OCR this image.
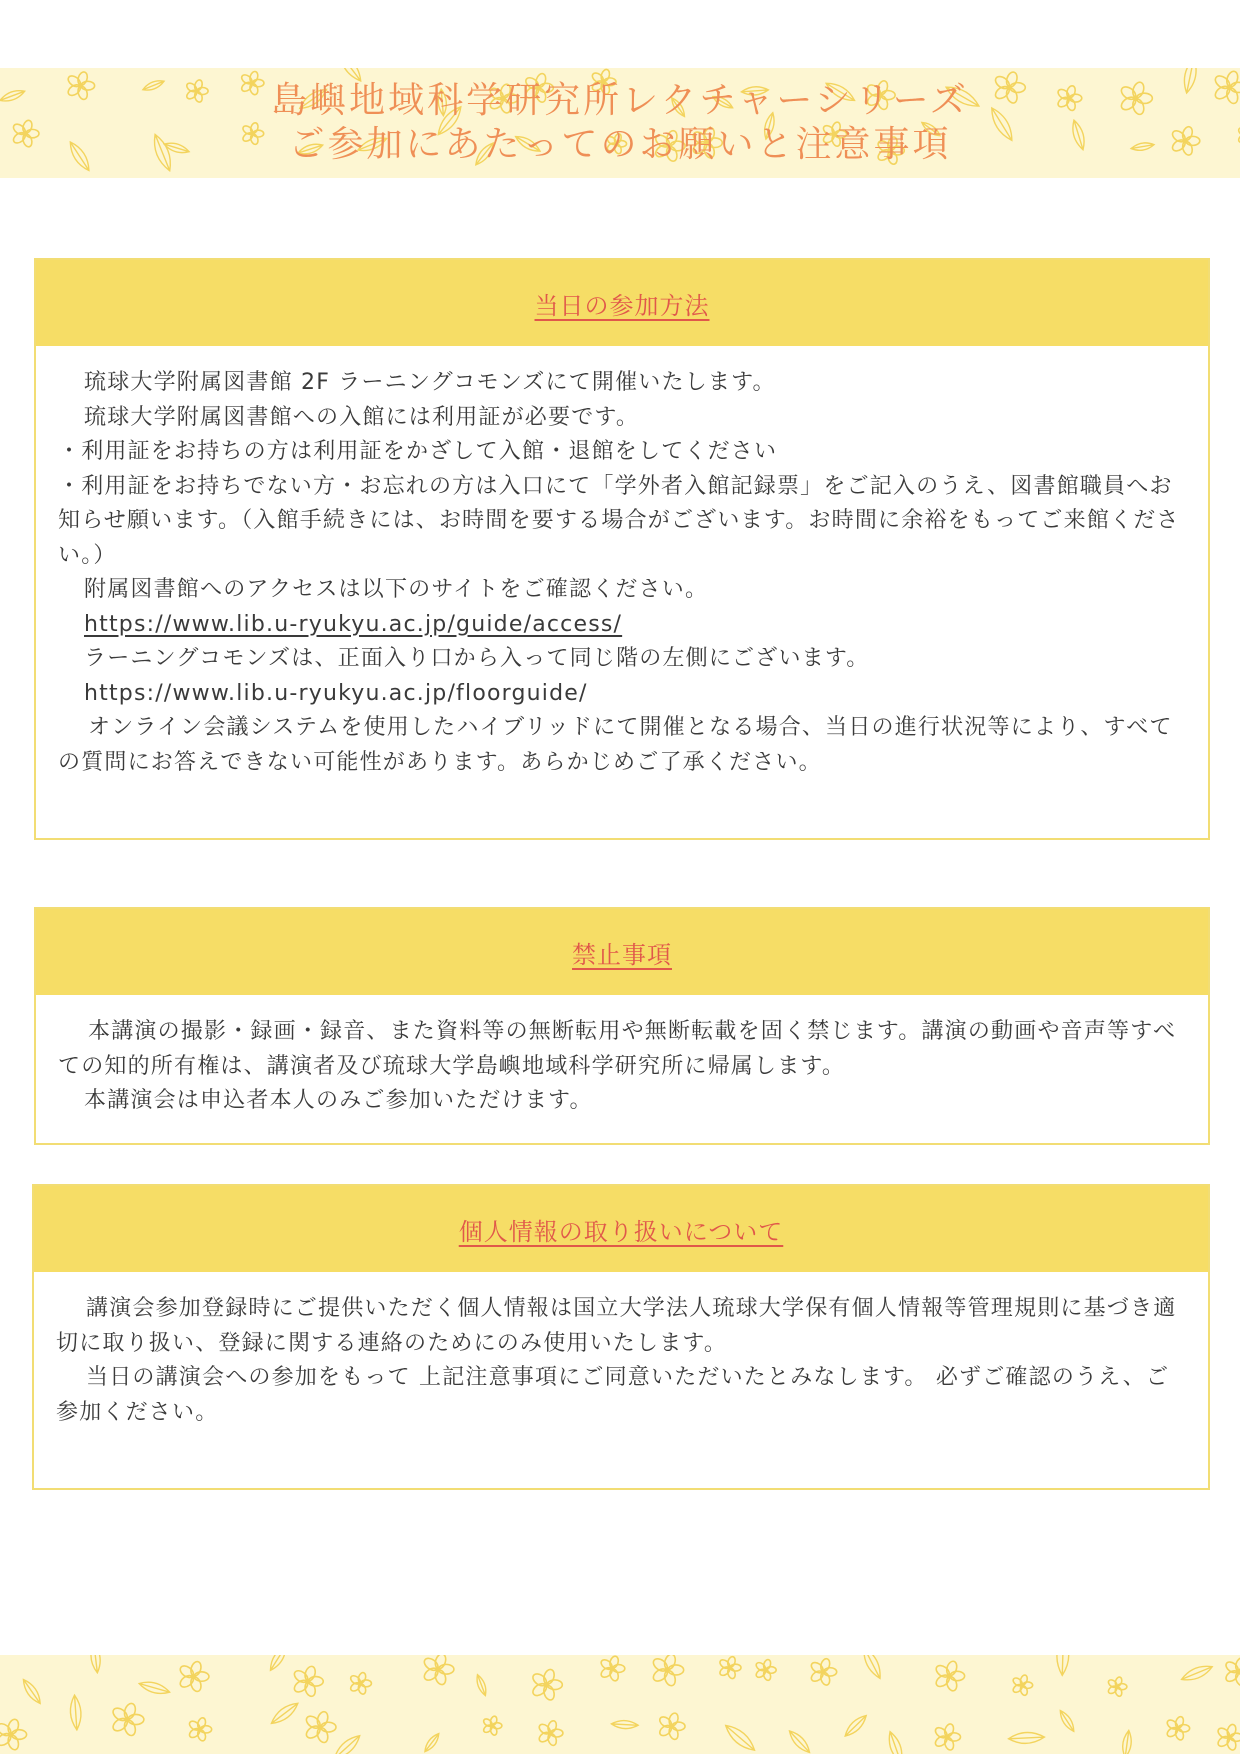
島嶼地域科学研究所レクチャーシリーズ
ご参加にあたってのお願いと注意事項
当日の参加方法
琉球大学附属図書館 2F ラーニングコモンズにて開催いたします。
琉球大学附属図書館への入館には利用証が必要です。
・利用証をお持ちの方は利用証をかざして入館・退館をしてください
・利用証をお持ちでない方・お忘れの方は入口にて「学外者入館記録票」をご記入のうえ、図書館職員へお知らせ願います。（入館手続きには、お時間を要する場合がございます。お時間に余裕をもってご来館ください。）
附属図書館へのアクセスは以下のサイトをご確認ください。
https://www.lib.u-ryukyu.ac.jp/guide/access/
ラーニングコモンズは、正面入り口から入って同じ階の左側にございます。
https://www.lib.u-ryukyu.ac.jp/floorguide/
オンライン会議システムを使用したハイブリッドにて開催となる場合、当日の進行状況等により、すべての質問にお答えできない可能性があります。あらかじめご了承ください。
禁止事項
本講演の撮影・録画・録音、また資料等の無断転用や無断転載を固く禁じます。講演の動画や音声等すべての知的所有権は、講演者及び琉球大学島嶼地域科学研究所に帰属します。
本講演会は申込者本人のみご参加いただけます。
個人情報の取り扱いについて
講演会参加登録時にご提供いただく個人情報は国立大学法人琉球大学保有個人情報等管理規則に基づき適切に取り扱い、登録に関する連絡のためにのみ使用いたします。
当日の講演会への参加をもって 上記注意事項にご同意いただいたとみなします。 必ずご確認のうえ、ご参加ください。
